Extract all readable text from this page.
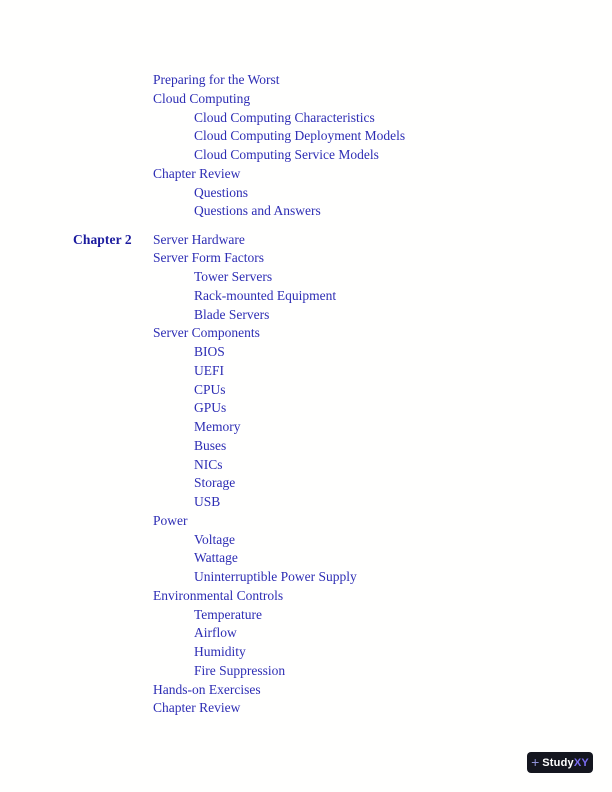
Preparing for the Worst
Cloud Computing
Cloud Computing Characteristics
Cloud Computing Deployment Models
Cloud Computing Service Models
Chapter Review
Questions
Questions and Answers
Chapter 2 Server Hardware
Server Form Factors
Tower Servers
Rack-mounted Equipment
Blade Servers
Server Components
BIOS
UEFI
CPUs
GPUs
Memory
Buses
NICs
Storage
USB
Power
Voltage
Wattage
Uninterruptible Power Supply
Environmental Controls
Temperature
Airflow
Humidity
Fire Suppression
Hands-on Exercises
Chapter Review
+ Study XY
